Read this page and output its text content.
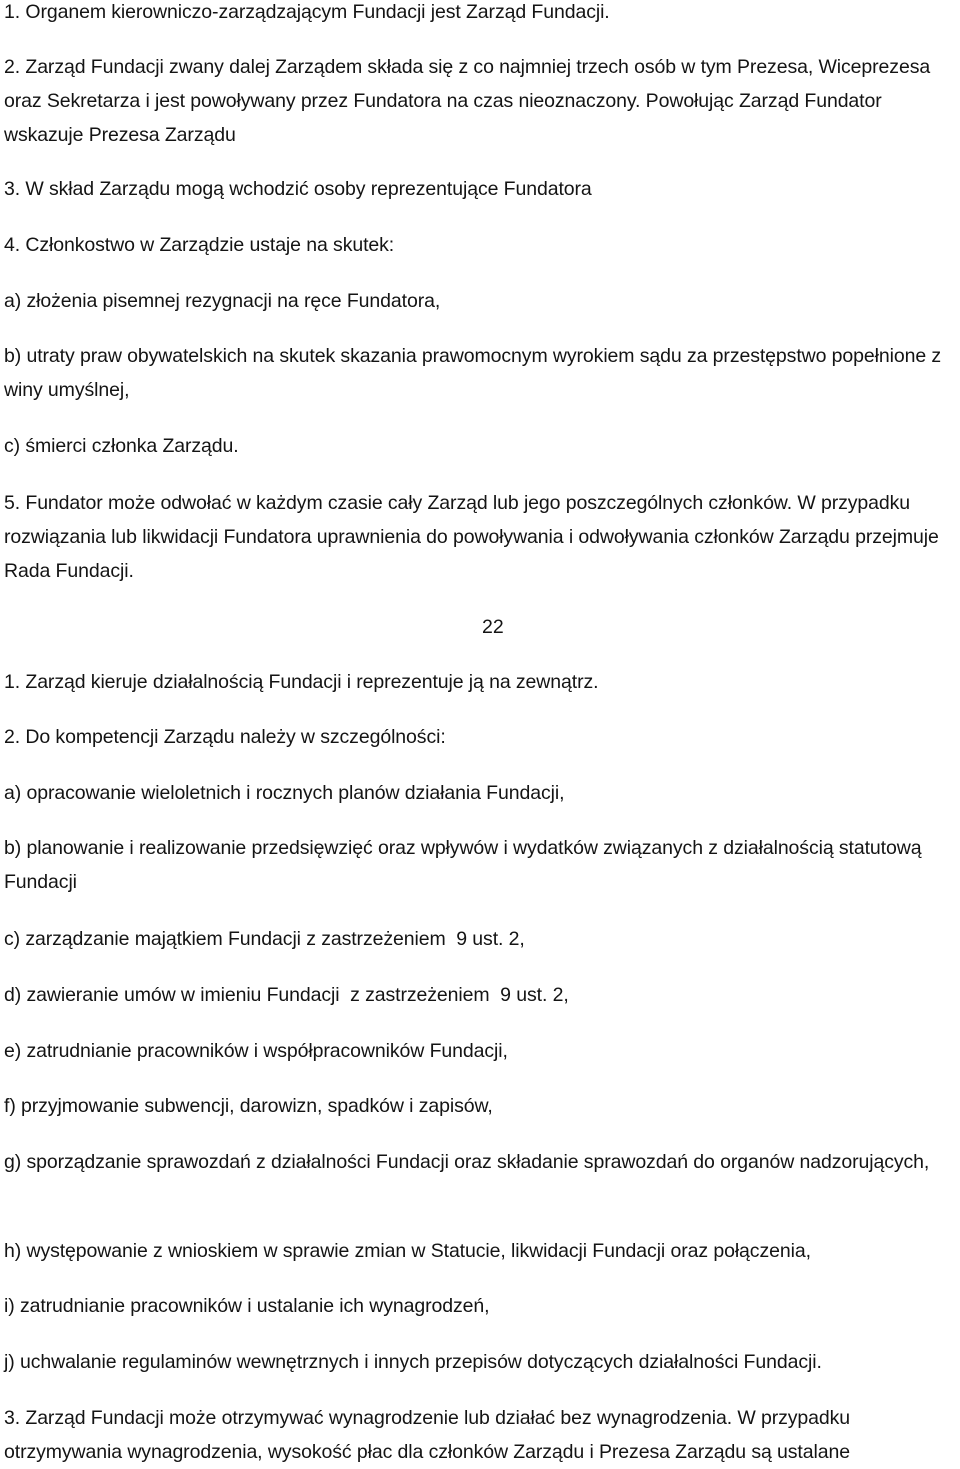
1. Organem kierowniczo-zarządzającym Fundacji jest Zarząd Fundacji.

2. Zarząd Fundacji zwany dalej Zarządem składa się z co najmniej trzech osób w tym Prezesa, Wiceprezesa oraz Sekretarza i jest powoływany przez Fundatora na czas nieoznaczony. Powołując Zarząd Fundator wskazuje Prezesa Zarządu

3. W skład Zarządu mogą wchodzić osoby reprezentujące Fundatora

4. Członkostwo w Zarządzie ustaje na skutek:

a) złożenia pisemnej rezygnacji na ręce Fundatora,

b) utraty praw obywatelskich na skutek skazania prawomocnym wyrokiem sądu za przestępstwo popełnione z winy umyślnej,

c) śmierci członka Zarządu.

5. Fundator może odwołać w każdym czasie cały Zarząd lub jego poszczególnych członków. W przypadku rozwiązania lub likwidacji Fundatora uprawnienia do powoływania i odwoływania członków Zarządu przejmuje Rada Fundacji.

22

1. Zarząd kieruje działalnością Fundacji i reprezentuje ją na zewnątrz.

2. Do kompetencji Zarządu należy w szczególności:

a) opracowanie wieloletnich i rocznych planów działania Fundacji,

b) planowanie i realizowanie przedsięwzięć oraz wpływów i wydatków związanych z działalnością statutową Fundacji

c) zarządzanie majątkiem Fundacji z zastrzeżeniem  9 ust. 2,

d) zawieranie umów w imieniu Fundacji  z zastrzeżeniem  9 ust. 2,

e) zatrudnianie pracowników i współpracowników Fundacji,

f) przyjmowanie subwencji, darowizn, spadków i zapisów,

g) sporządzanie sprawozdań z działalności Fundacji oraz składanie sprawozdań do organów nadzorujących,

h) występowanie z wnioskiem w sprawie zmian w Statucie, likwidacji Fundacji oraz połączenia,

i) zatrudnianie pracowników i ustalanie ich wynagrodzeń,

j) uchwalanie regulaminów wewnętrznych i innych przepisów dotyczących działalności Fundacji.

3. Zarząd Fundacji może otrzymywać wynagrodzenie lub działać bez wynagrodzenia. W przypadku otrzymywania wynagrodzenia, wysokość płac dla członków Zarządu i Prezesa Zarządu są ustalane
